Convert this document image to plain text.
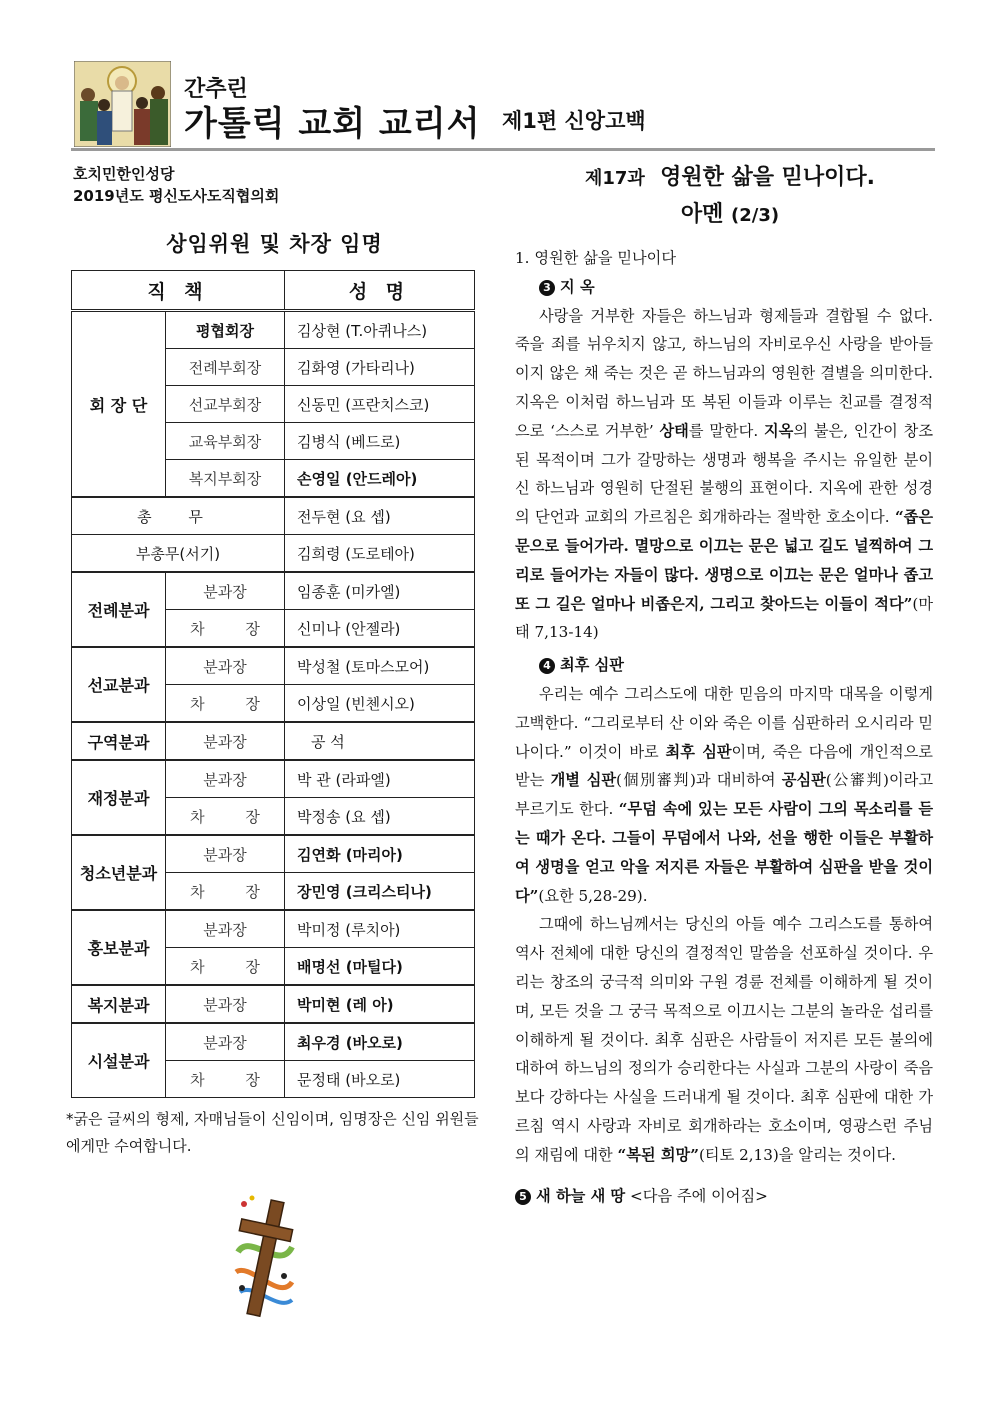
간추린
가톨릭 교회 교리서 제1편 신앙고백
호치민한인성당
2019년도 평신도사도직협의회
상임위원 및 차장 임명
직 책		성 명
회 장 단	평협회장	김상현 (T.아퀴나스)
	전례부회장	김화영 (가타리나)
	선교부회장	신동민 (프란치스코)
	교육부회장	김병식 (베드로)
	복지부회장	손영일 (안드레아)
총 무		전두현 (요 셉)
부총무(서기)		김희령 (도로테아)
전례분과	분과장	임종훈 (미카엘)
	차 장	신미나 (안젤라)
선교분과	분과장	박성철 (토마스모어)
	차 장	이상일 (빈첸시오)
구역분과	분과장	공 석
재정분과	분과장	박 관 (라파엘)
	차 장	박정송 (요 셉)
청소년분과	분과장	김연화 (마리아)
	차 장	장민영 (크리스티나)
홍보분과	분과장	박미정 (루치아)
	차 장	배명선 (마틸다)
복지분과	분과장	박미현 (레 아)
시설분과	분과장	최우경 (바오로)
	차 장	문정태 (바오로)
*굵은 글씨의 형제, 자매님들이 신임이며, 임명장은 신임 위원들에게만 수여합니다.
제17과 영원한 삶을 믿나이다.
아멘 (2/3)

1. 영원한 삶을 믿나이다

3 지 옥

사랑을 거부한 자들은 하느님과 형제들과 결합될 수 없다. 죽을 죄를 뉘우치지 않고, 하느님의 자비로우신 사랑을 받아들이지 않은 채 죽는 것은 곧 하느님과의 영원한 결별을 의미한다. 지옥은 이처럼 하느님과 또 복된 이들과 이루는 친교를 결정적으로 ‘스스로 거부한’ 상태를 말한다. 지옥의 불은, 인간이 창조된 목적이며 그가 갈망하는 생명과 행복을 주시는 유일한 분이신 하느님과 영원히 단절된 불행의 표현이다. 지옥에 관한 성경의 단언과 교회의 가르침은 회개하라는 절박한 호소이다. “좁은 문으로 들어가라. 멸망으로 이끄는 문은 넓고 길도 널찍하여 그리로 들어가는 자들이 많다. 생명으로 이끄는 문은 얼마나 좁고 또 그 길은 얼마나 비좁은지, 그리고 찾아드는 이들이 적다”(마태 7,13-14)

4 최후 심판

우리는 예수 그리스도에 대한 믿음의 마지막 대목을 이렇게 고백한다. “그리로부터 산 이와 죽은 이를 심판하러 오시리라 믿나이다.” 이것이 바로 최후 심판이며, 죽은 다음에 개인적으로 받는 개별 심판(個別審判)과 대비하여 공심판(公審判)이라고 부르기도 한다. “무덤 속에 있는 모든 사람이 그의 목소리를 듣는 때가 온다. 그들이 무덤에서 나와, 선을 행한 이들은 부활하여 생명을 얻고 악을 저지른 자들은 부활하여 심판을 받을 것이다”(요한 5,28-29).

그때에 하느님께서는 당신의 아들 예수 그리스도를 통하여 역사 전체에 대한 당신의 결정적인 말씀을 선포하실 것이다. 우리는 창조의 궁극적 의미와 구원 경륜 전체를 이해하게 될 것이며, 모든 것을 그 궁극 목적으로 이끄시는 그분의 놀라운 섭리를 이해하게 될 것이다. 최후 심판은 사람들이 저지른 모든 불의에 대하여 하느님의 정의가 승리한다는 사실과 그분의 사랑이 죽음보다 강하다는 사실을 드러내게 될 것이다. 최후 심판에 대한 가르침 역시 사랑과 자비로 회개하라는 호소이며, 영광스런 주님의 재림에 대한 “복된 희망”(티토 2,13)을 알리는 것이다.

5 새 하늘 새 땅 <다음 주에 이어짐>
